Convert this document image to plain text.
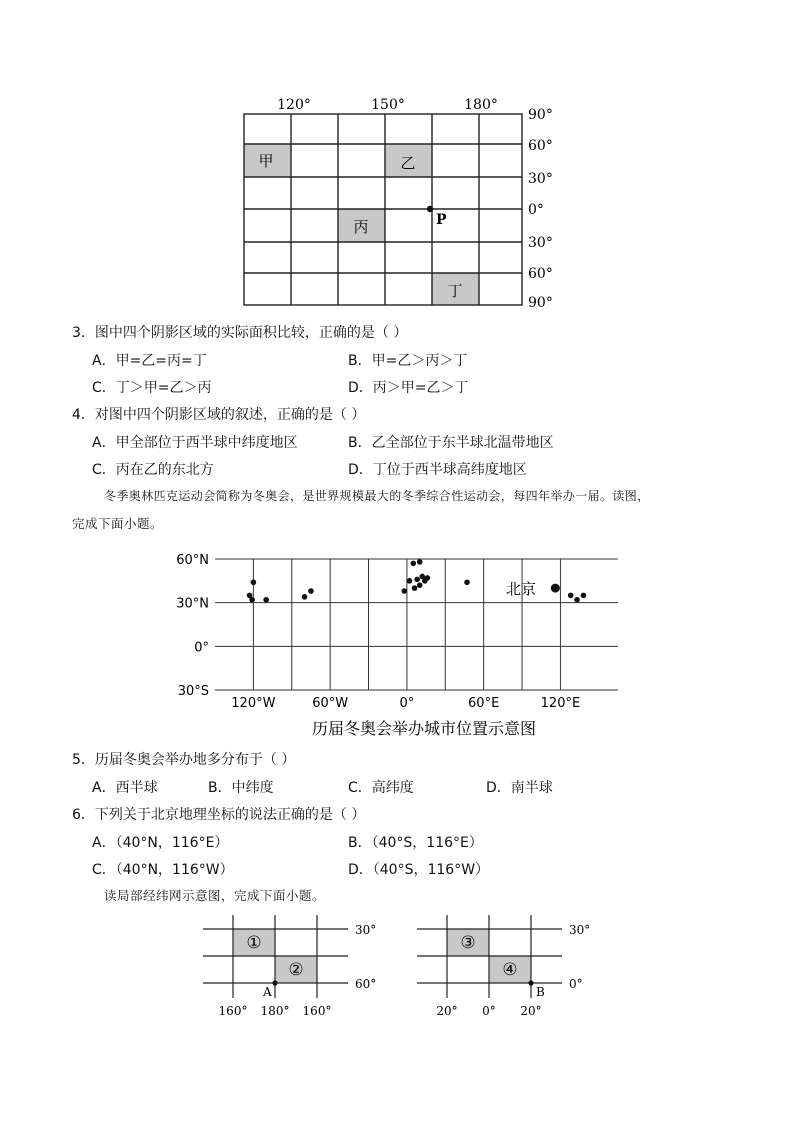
120°	150°	180°
90°
60°
30°
0°
30°
60°
90°
甲	乙
丙
丁
P
3．图中四个阴影区域的实际面积比较，正确的是（ ）
A．甲=乙=丙=丁	B．甲=乙＞丙＞丁
C．丁＞甲=乙＞丙	D．丙＞甲=乙＞丁
4．对图中四个阴影区域的叙述，正确的是（ ）
A．甲全部位于西半球中纬度地区	B．乙全部位于东半球北温带地区
C．丙在乙的东北方	D．丁位于西半球高纬度地区
冬季奥林匹克运动会简称为冬奥会，是世界规模最大的冬季综合性运动会，每四年举办一届。读图，
完成下面小题。
60°N
30°N
0°
30°S
120°W	60°W	0°	60°E	120°E
北京
历届冬奥会举办城市位置示意图
5．历届冬奥会举办地多分布于（ ）
A．西半球	B．中纬度	C．高纬度	D．南半球
6．下列关于北京地理坐标的说法正确的是（ ）
A．（40°N，116°E）	B．（40°S，116°E）
C．（40°N，116°W）	D．（40°S，116°W）
读局部经纬网示意图，完成下面小题。
①
②
30°
60°
160° 180° 160°
A
③
④
30°
0°
20° 0° 20°
B
